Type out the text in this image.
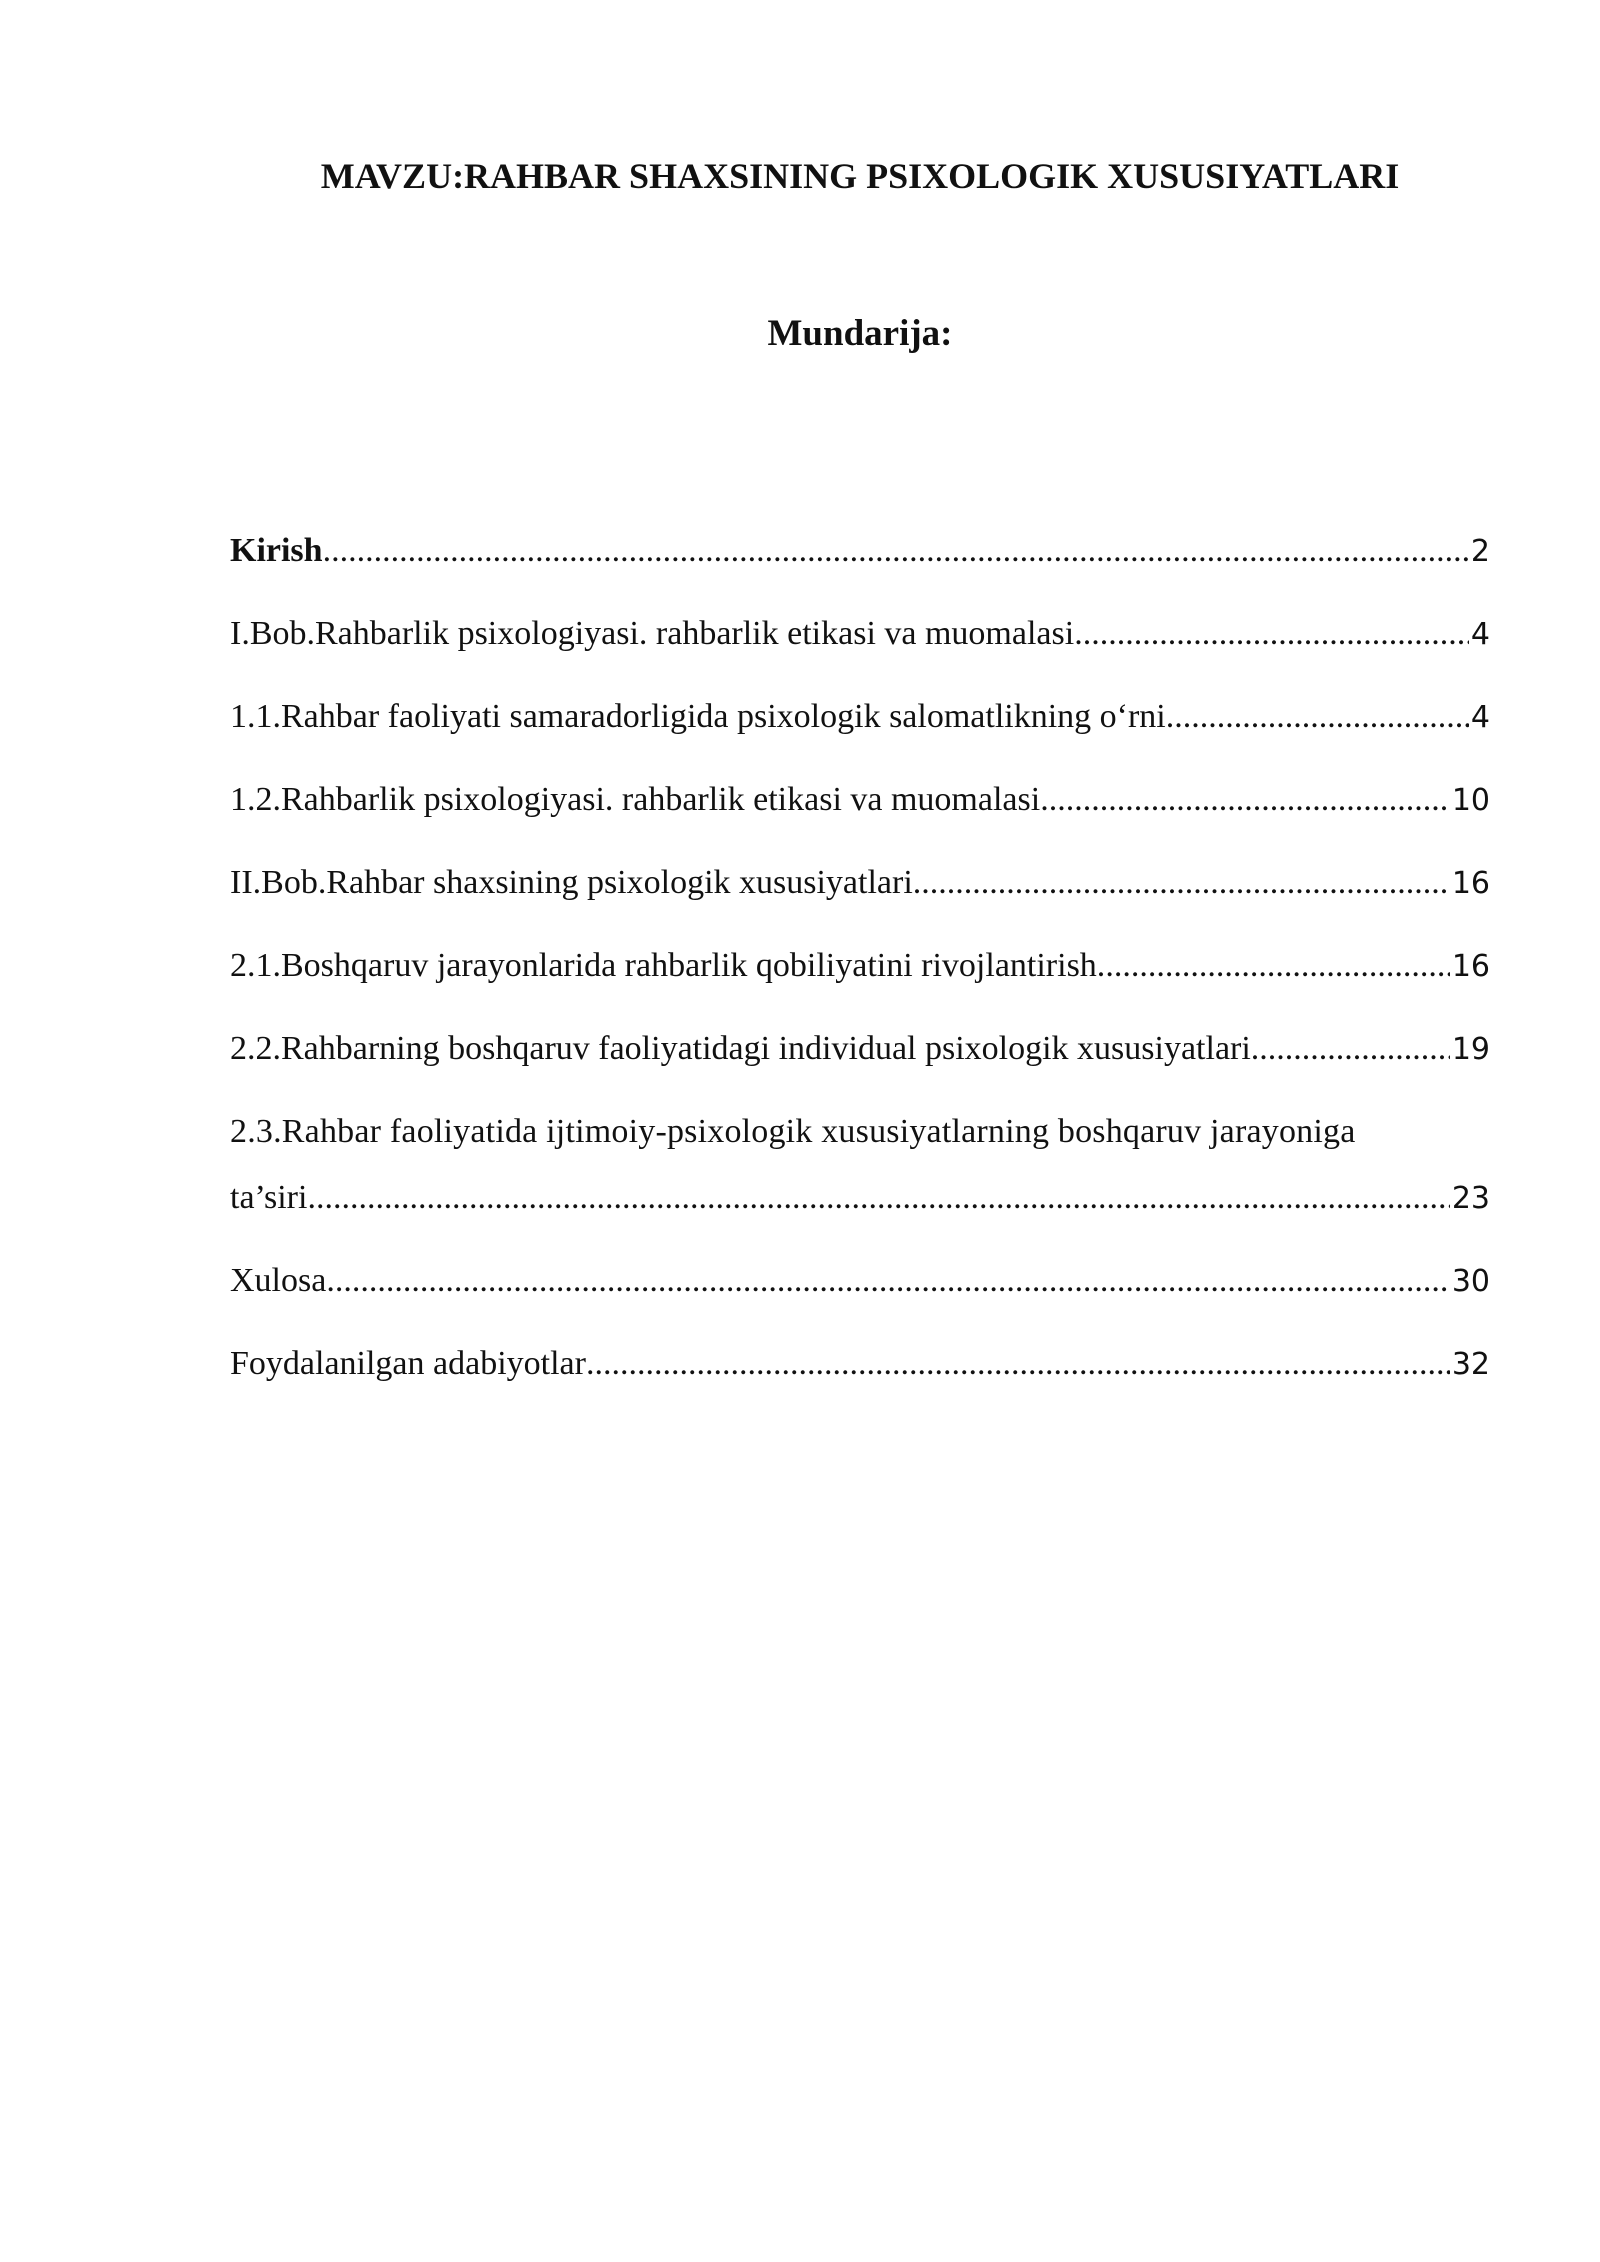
MAVZU:RAHBAR SHAXSINING PSIXOLOGIK XUSUSIYATLARI
Mundarija:
Kirish .....	2
I.Bob.Rahbarlik psixologiyasi. rahbarlik etikasi va muomalasi .....	4
1.1.Rahbar faoliyati samaradorligida psixologik salomatlikning o‘rni .....	4
1.2.Rahbarlik psixologiyasi. rahbarlik etikasi va muomalasi .....	10
II.Bob.Rahbar shaxsining psixologik xususiyatlari .....	16
2.1.Boshqaruv jarayonlarida rahbarlik qobiliyatini rivojlantirish. .....	16
2.2.Rahbarning boshqaruv faoliyatidagi individual psixologik xususiyatlari .....	19
2.3.Rahbar faoliyatida ijtimoiy-psixologik xususiyatlarning boshqaruv jarayoniga
ta’siri .....	23
Xulosa .....	30
Foydalanilgan adabiyotlar .....	32
